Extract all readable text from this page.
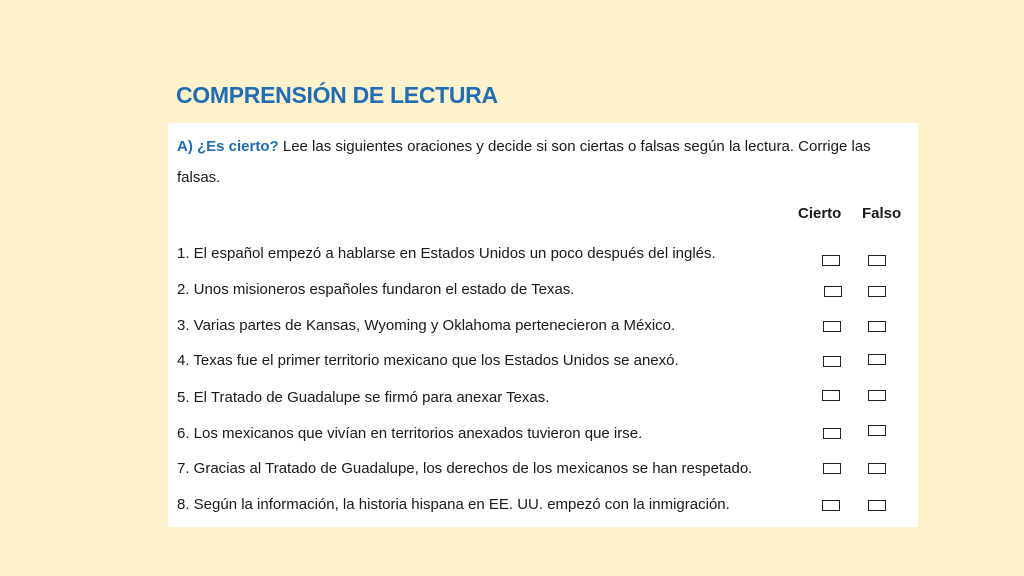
COMPRENSIÓN DE LECTURA
A) ¿Es cierto? Lee las siguientes oraciones y decide si son ciertas o falsas según la lectura. Corrige las falsas.
Cierto Falso
1. El español empezó a hablarse en Estados Unidos un poco después del inglés.
2. Unos misioneros españoles fundaron el estado de Texas.
3. Varias partes de Kansas, Wyoming y Oklahoma pertenecieron a México.
4. Texas fue el primer territorio mexicano que los Estados Unidos se anexó.
5. El Tratado de Guadalupe se firmó para anexar Texas.
6. Los mexicanos que vivían en territorios anexados tuvieron que irse.
7. Gracias al Tratado de Guadalupe, los derechos de los mexicanos se han respetado.
8. Según la información, la historia hispana en EE. UU. empezó con la inmigración.
